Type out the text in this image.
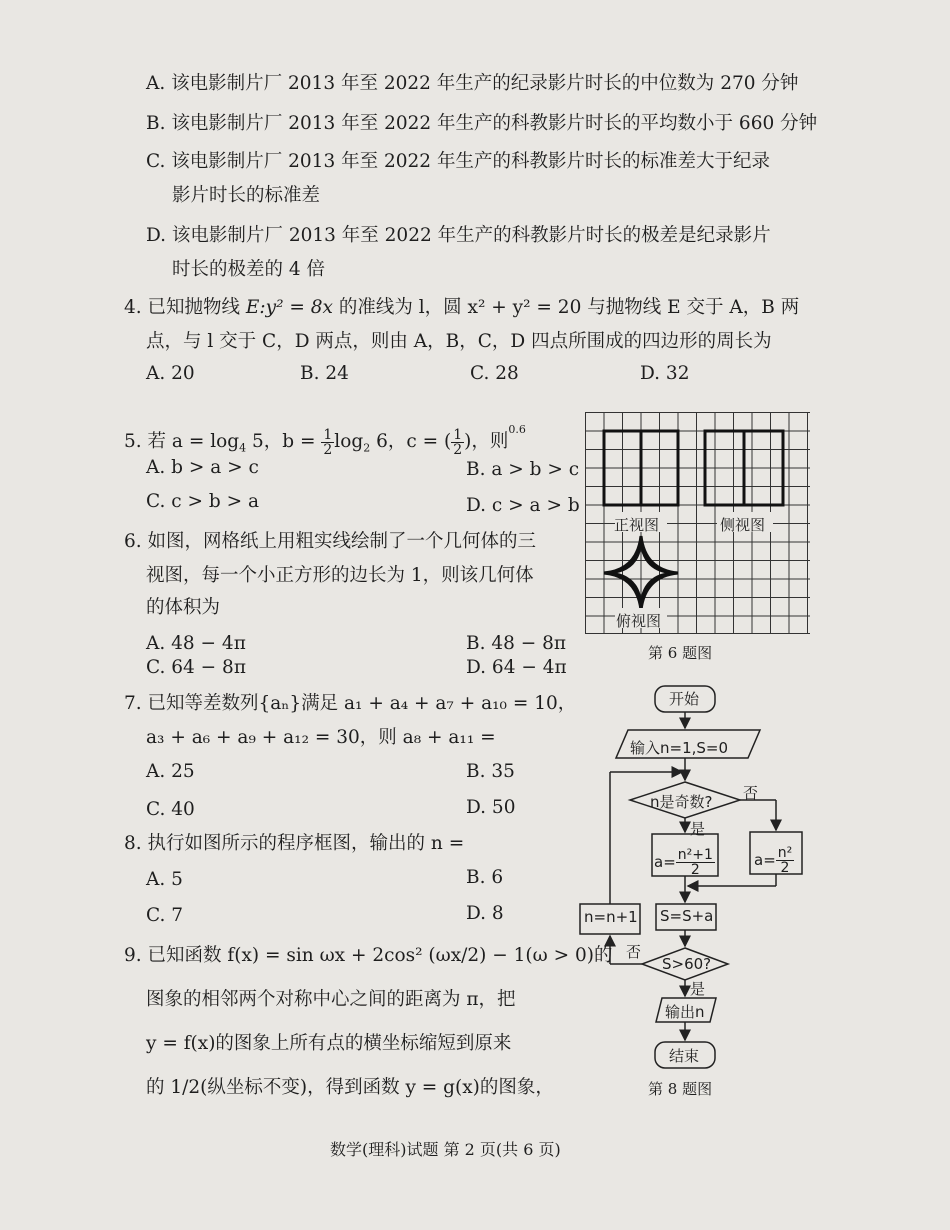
A. 该电影制片厂 2013 年至 2022 年生产的纪录影片时长的中位数为 270 分钟
B. 该电影制片厂 2013 年至 2022 年生产的科教影片时长的平均数小于 660 分钟
C. 该电影制片厂 2013 年至 2022 年生产的科教影片时长的标准差大于纪录
影片时长的标准差
D. 该电影制片厂 2013 年至 2022 年生产的科教影片时长的极差是纪录影片
时长的极差的 4 倍
4. 已知抛物线 E:y² = 8x 的准线为 l，圆 x² + y² = 20 与抛物线 E 交于 A，B 两
点，与 l 交于 C，D 两点，则由 A，B，C，D 四点所围成的四边形的周长为
A. 20	B. 24	C. 28	D. 32
5. 若 $a = \log_4 5$，$b = \frac{1}{2} \log_2 6$，c = ( $\frac{1}{2}$ )，则$^{0.6}$
A. b > a > c	B. a > b > c
C. c > b > a	D. c > a > b
6. 如图，网格纸上用粗实线绘制了一个几何体的三
视图，每一个小正方形的边长为 1，则该几何体
的体积为
A. 48 − 4π	B. 48 − 8π
C. 64 − 8π	D. 64 − 4π
正视图	侧视图
俯视图
第 6 题图
7. 已知等差数列{aₙ}满足 a₁ + a₄ + a₇ + a₁₀ = 10，
a₃ + a₆ + a₉ + a₁₂ = 30，则 a₈ + a₁₁ =
A. 25	B. 35
C. 40	D. 50
8. 执行如图所示的程序框图，输出的 n =
A. 5	B. 6
C. 7	D. 8
开始
输入n=1,S=0
n是奇数? 否
是
$a= \frac{\text{n²+1}}{2}$	$a= \frac{\text{n²}}{2}$
S=S+a
n=n+1
否
S>60?
是
输出n
结束
第 8 题图
9. 已知函数 f(x) = sin ωx + 2cos² (ωx/2) − 1(ω > 0)的
图象的相邻两个对称中心之间的距离为 π，把
y = f(x)的图象上所有点的横坐标缩短到原来
的 1/2(纵坐标不变)，得到函数 y = g(x)的图象，
数学(理科)试题 第 2 页(共 6 页)
